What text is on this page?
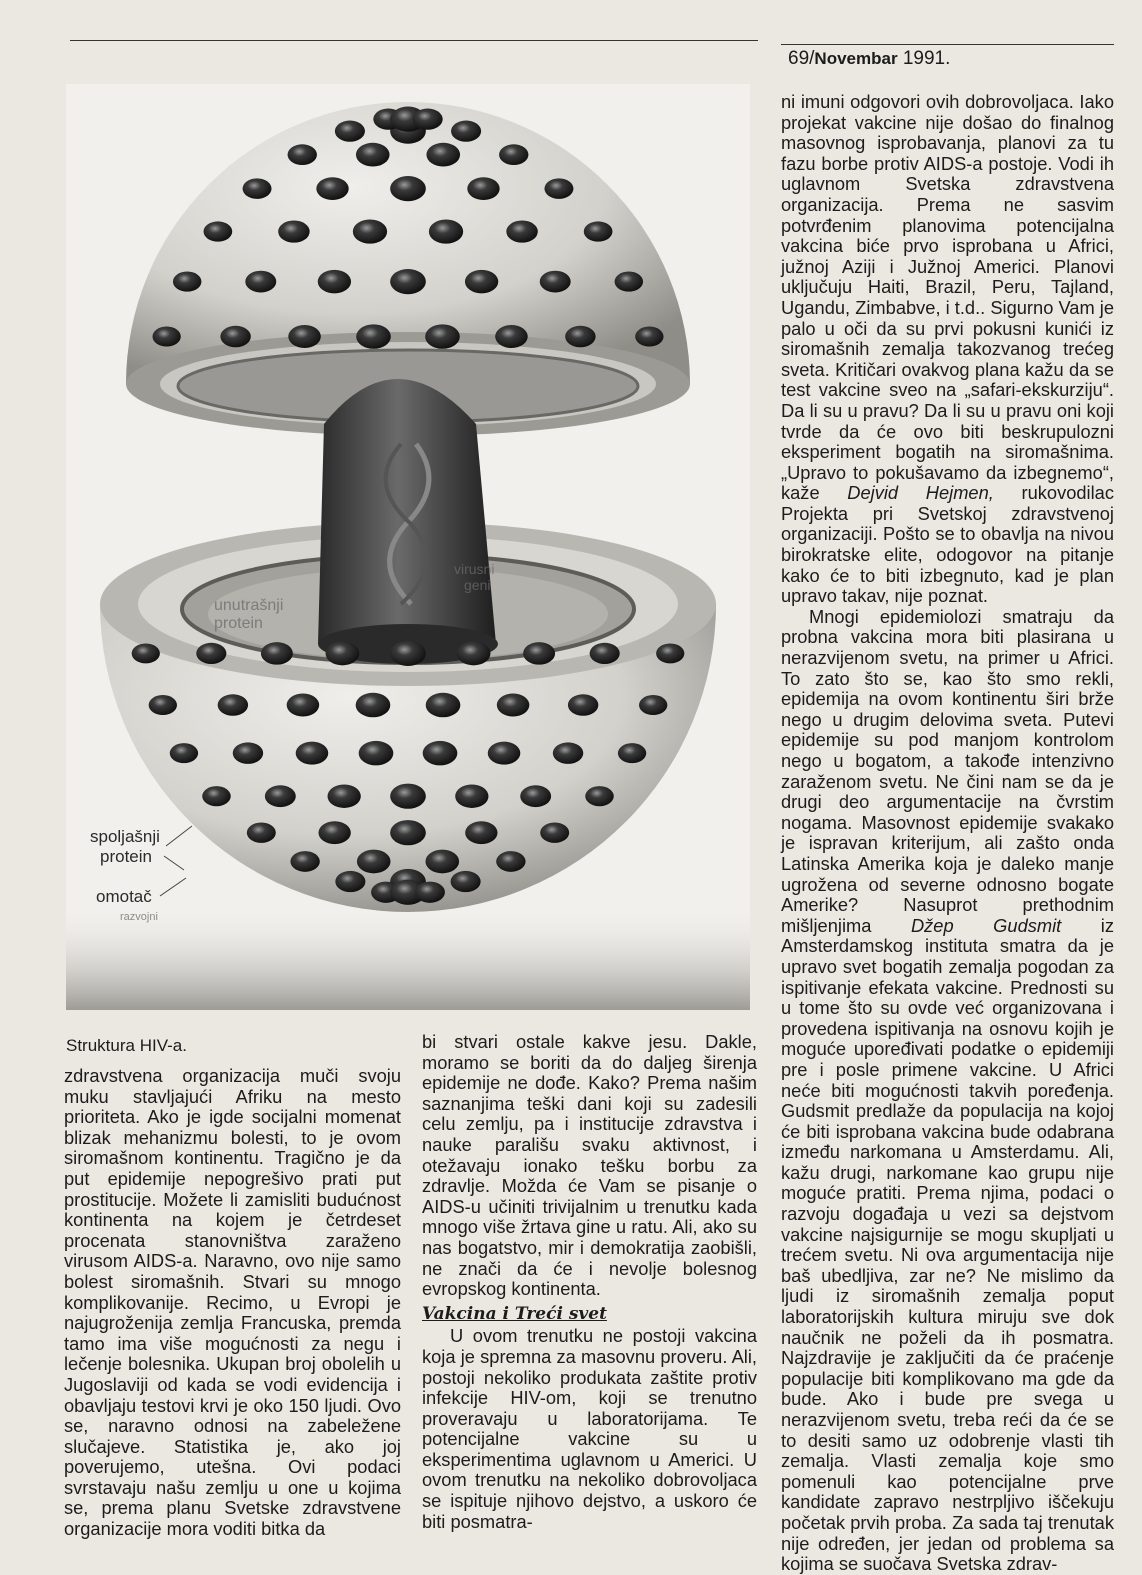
69/Novembar 1991.
unutrašnji protein
virusni geni
spoljašnji protein
omotač
razvojni
Struktura HIV-a.

zdravstvena organizacija muči svoju muku stavljajući Afriku na mesto prioriteta. Ako je igde socijalni momenat blizak mehanizmu bolesti, to je ovom siromašnom kontinentu. Tragično je da put epidemije nepogrešivo prati put prostitucije. Možete li zamisliti budućnost kontinenta na kojem je četrdeset procenata stanovništva zaraženo virusom AIDS-a. Naravno, ovo nije samo bolest siromašnih. Stvari su mnogo komplikovanije. Recimo, u Evropi je najugroženija zemlja Francuska, premda tamo ima više mogućnosti za negu i lečenje bolesnika. Ukupan broj obolelih u Jugoslaviji od kada se vodi evidencija i obavljaju testovi krvi je oko 150 ljudi. Ovo se, naravno odnosi na zabeležene slučajeve. Statistika je, ako joj poverujemo, utešna. Ovi podaci svrstavaju našu zemlju u one u kojima se, prema planu Svetske zdravstvene organizacije mora voditi bitka da

bi stvari ostale kakve jesu. Dakle, moramo se boriti da do daljeg širenja epidemije ne dođe. Kako? Prema našim saznanjima teški dani koji su zadesili celu zemlju, pa i institucije zdravstva i nauke parališu svaku aktivnost, i otežavaju ionako tešku borbu za zdravlje. Možda će Vam se pisanje o AIDS-u učiniti trivijalnim u trenutku kada mnogo više žrtava gine u ratu. Ali, ako su nas bogatstvo, mir i demokratija zaobišli, ne znači da će i nevolje bolesnog evropskog kontinenta.

Vakcina i Treći svet

U ovom trenutku ne postoji vakcina koja je spremna za masovnu proveru. Ali, postoji nekoliko produkata zaštite protiv infekcije HIV-om, koji se trenutno proveravaju u laboratorijama. Te potencijalne vakcine su u eksperimentima uglavnom u Americi. U ovom trenutku na nekoliko dobrovoljaca se ispituje njihovo dejstvo, a uskoro će biti posmatra-

ni imuni odgovori ovih dobrovoljaca. Iako projekat vakcine nije došao do finalnog masovnog isprobavanja, planovi za tu fazu borbe protiv AIDS-a postoje. Vodi ih uglavnom Svetska zdravstvena organizacija. Prema ne sasvim potvrđenim planovima potencijalna vakcina biće prvo isprobana u Africi, južnoj Aziji i Južnoj Americi. Planovi uključuju Haiti, Brazil, Peru, Tajland, Ugandu, Zimbabve, i t.d.. Sigurno Vam je palo u oči da su prvi pokusni kunići iz siromašnih zemalja takozvanog trećeg sveta. Kritičari ovakvog plana kažu da se test vakcine sveo na „safari-ekskurziju“. Da li su u pravu? Da li su u pravu oni koji tvrde da će ovo biti beskrupulozni eksperiment bogatih na siromašnima. „Upravo to pokušavamo da izbegnemo“, kaže Dejvid Hejmen, rukovodilac Projekta pri Svetskoj zdravstvenoj organizaciji. Pošto se to obavlja na nivou birokratske elite, odogovor na pitanje kako će to biti izbegnuto, kad je plan upravo takav, nije poznat.

Mnogi epidemiolozi smatraju da probna vakcina mora biti plasirana u nerazvijenom svetu, na primer u Africi. To zato što se, kao što smo rekli, epidemija na ovom kontinentu širi brže nego u drugim delovima sveta. Putevi epidemije su pod manjom kontrolom nego u bogatom, a takođe intenzivno zaraženom svetu. Ne čini nam se da je drugi deo argumentacije na čvrstim nogama. Masovnost epidemije svakako je ispravan kriterijum, ali zašto onda Latinska Amerika koja je daleko manje ugrožena od severne odnosno bogate Amerike? Nasuprot prethodnim mišljenjima Džep Gudsmit iz Amsterdamskog instituta smatra da je upravo svet bogatih zemalja pogodan za ispitivanje efekata vakcine. Prednosti su u tome što su ovde već organizovana i provedena ispitivanja na osnovu kojih je moguće upoređivati podatke o epidemiji pre i posle primene vakcine. U Africi neće biti mogućnosti takvih poređenja. Gudsmit predlaže da populacija na kojoj će biti isprobana vakcina bude odabrana između narkomana u Amsterdamu. Ali, kažu drugi, narkomane kao grupu nije moguće pratiti. Prema njima, podaci o razvoju događaja u vezi sa dejstvom vakcine najsigurnije se mogu skupljati u trećem svetu. Ni ova argumentacija nije baš ubedljiva, zar ne? Ne mislimo da ljudi iz siromašnih zemalja poput laboratorijskih kultura miruju sve dok naučnik ne poželi da ih posmatra. Najzdravije je zaključiti da će praćenje populacije biti komplikovano ma gde da bude. Ako i bude pre svega u nerazvijenom svetu, treba reći da će se to desiti samo uz odobrenje vlasti tih zemalja. Vlasti zemalja koje smo pomenuli kao potencijalne prve kandidate zapravo nestrpljivo iščekuju početak prvih proba. Za sada taj trenutak nije određen, jer jedan od problema sa kojima se suočava Svetska zdrav-
